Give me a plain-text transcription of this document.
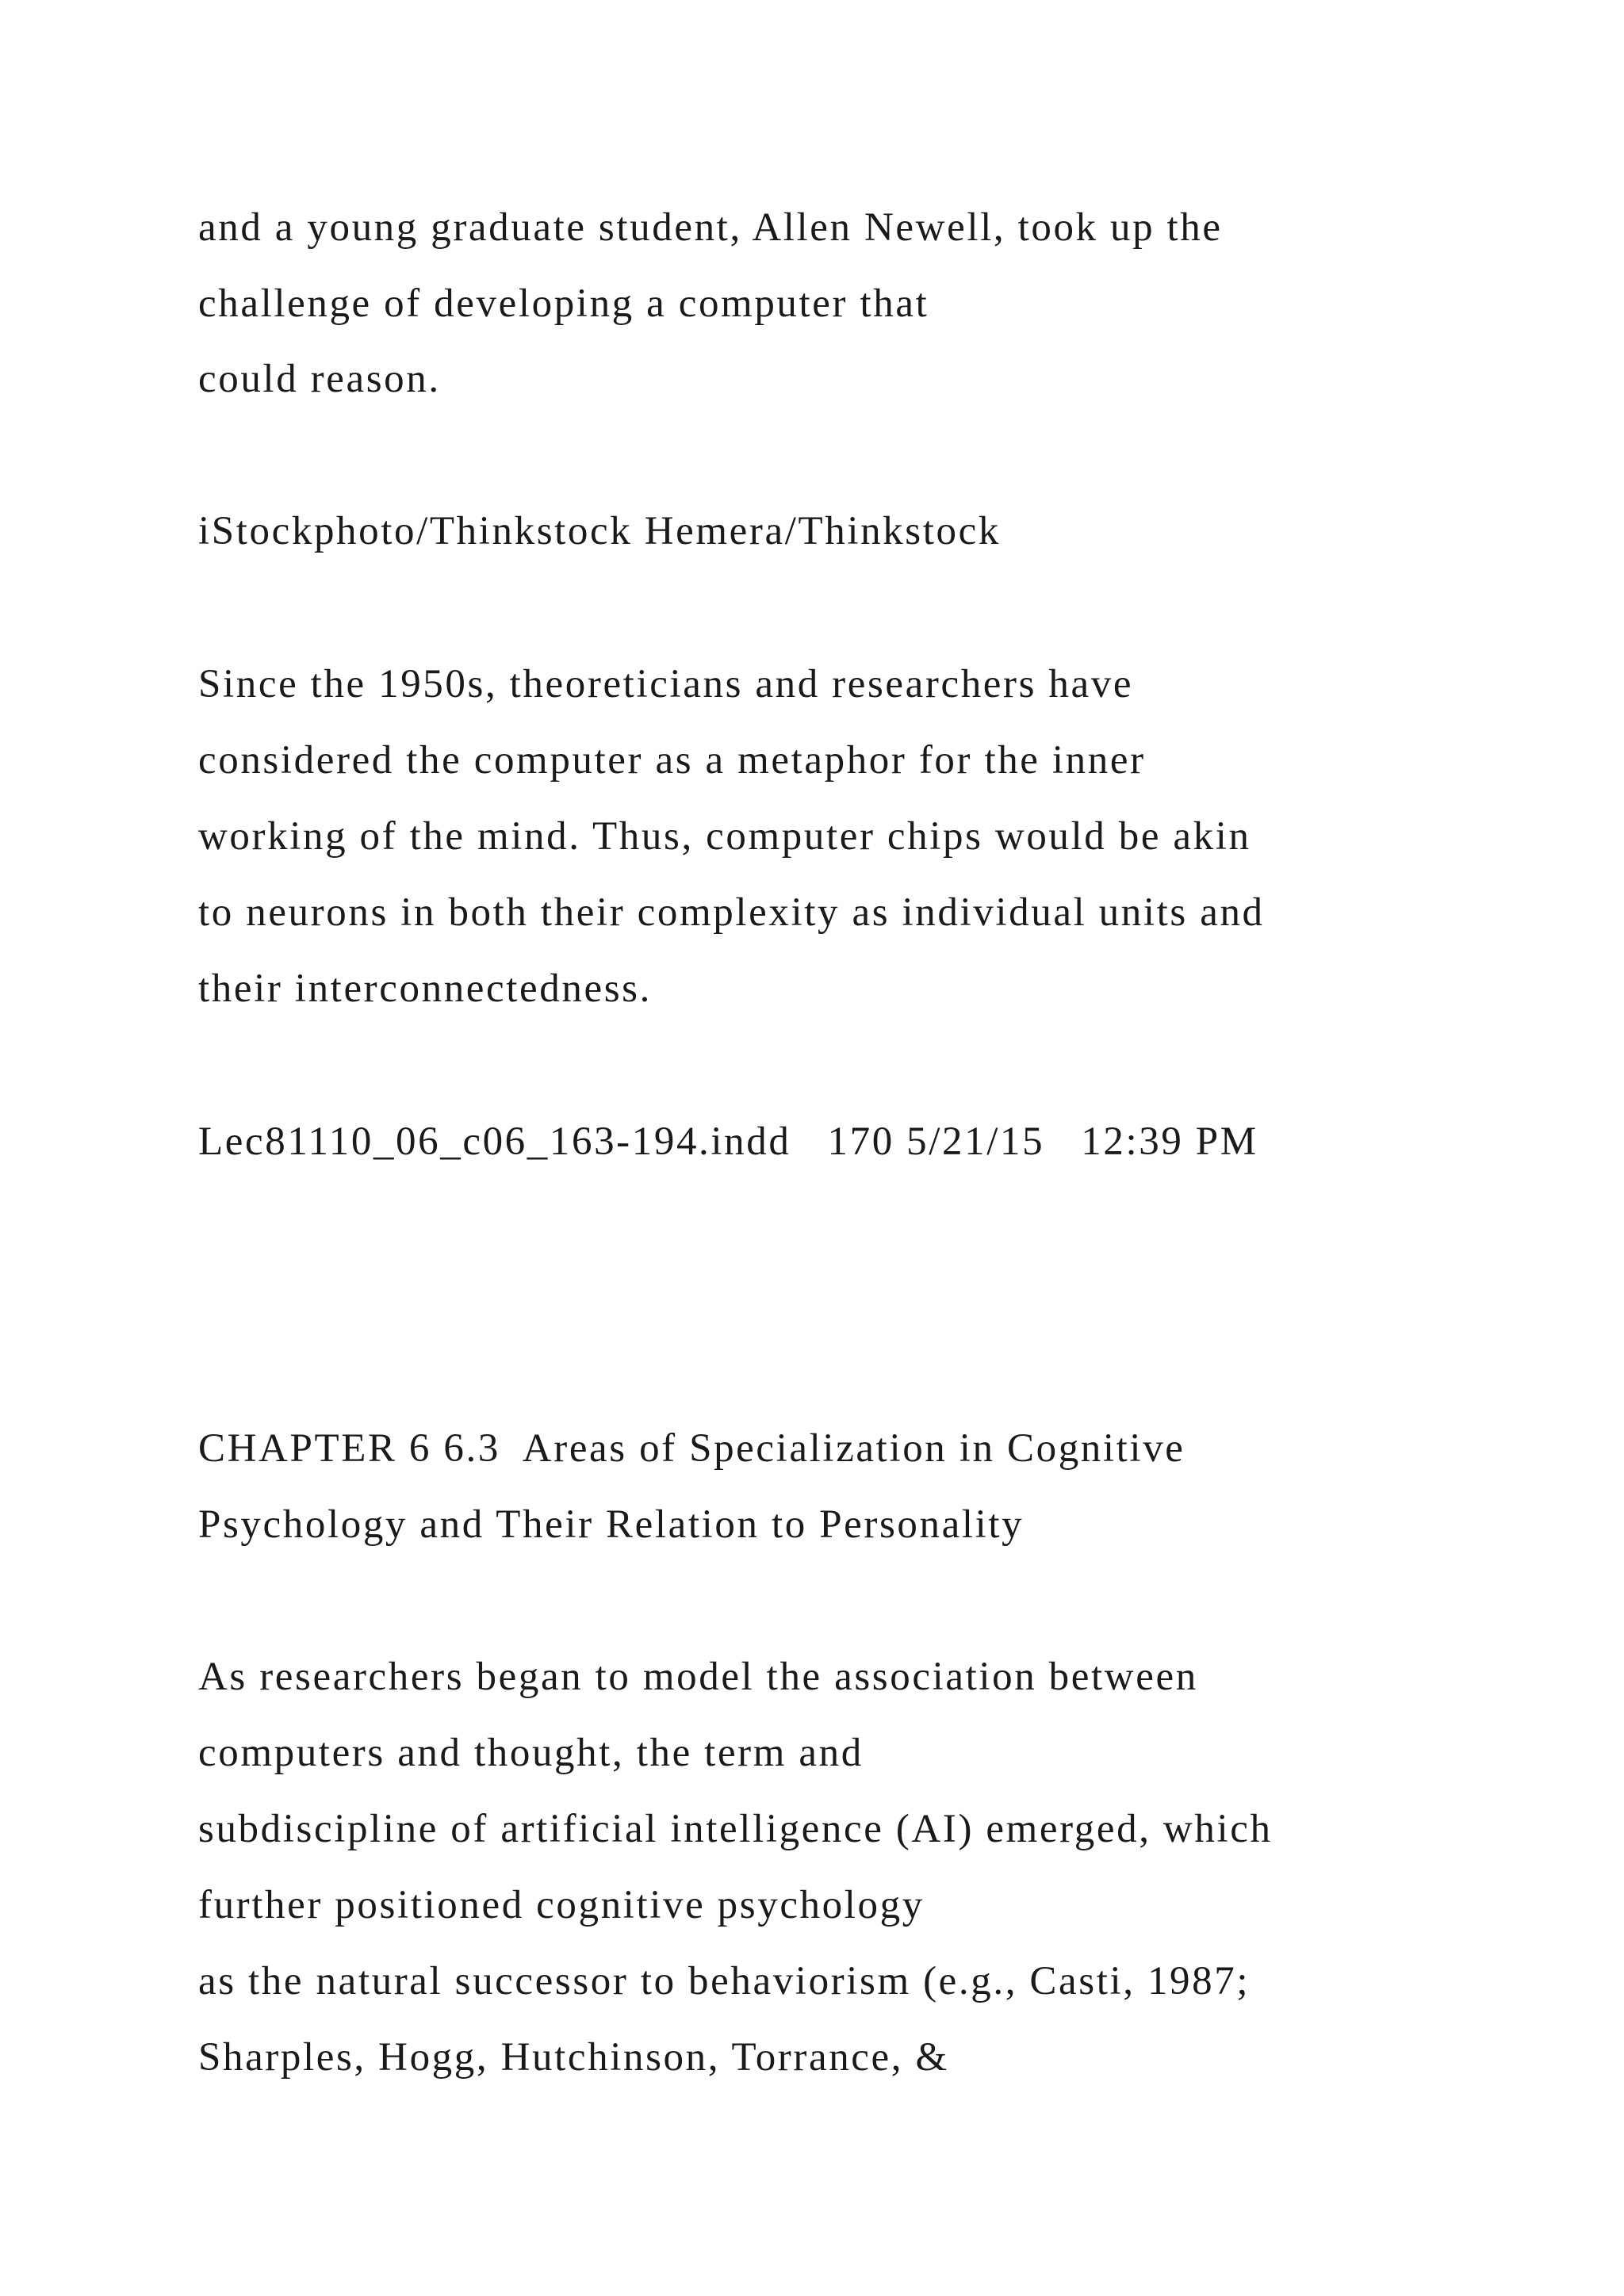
and a young graduate student, Allen Newell, took up the
challenge of developing a computer that
could reason.
iStockphoto/Thinkstock Hemera/Thinkstock
Since the 1950s, theoreticians and researchers have
considered the computer as a metaphor for the inner
working of the mind. Thus, computer chips would be akin
to neurons in both their complexity as individual units and
their interconnectedness.
Lec81110_06_c06_163-194.indd   170 5/21/15   12:39 PM
CHAPTER 6 6.3  Areas of Specialization in Cognitive
Psychology and Their Relation to Personality
As researchers began to model the association between
computers and thought, the term and
subdiscipline of artificial intelligence (AI) emerged, which
further positioned cognitive psychology
as the natural successor to behaviorism (e.g., Casti, 1987;
Sharples, Hogg, Hutchinson, Torrance, &
